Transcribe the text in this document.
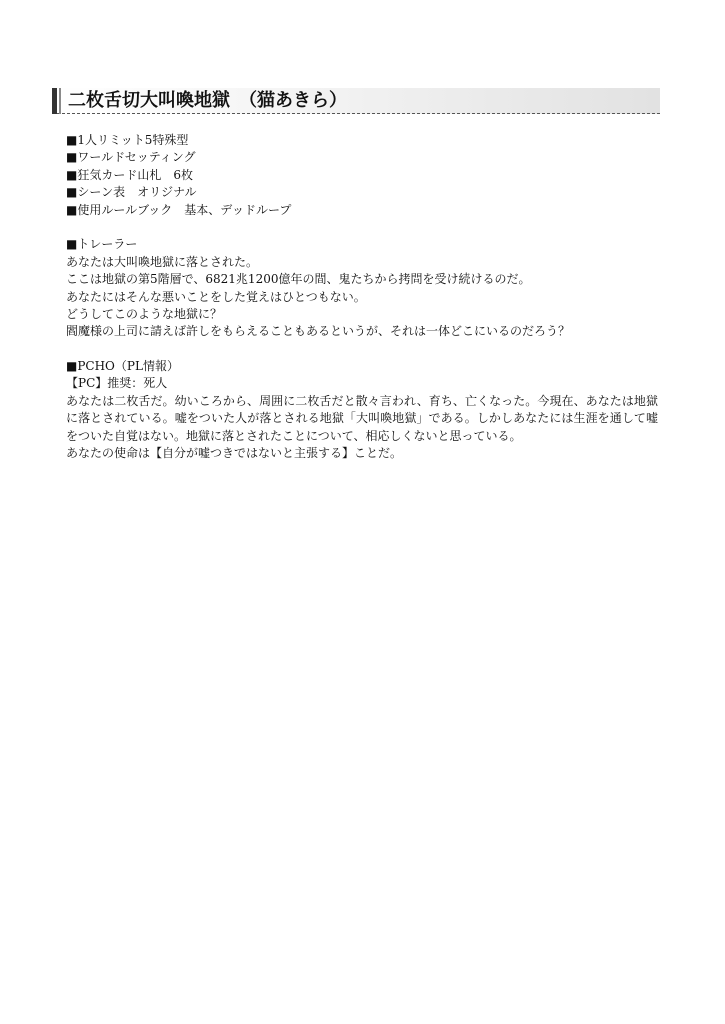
二枚舌切大叫喚地獄　（猫あきら）
■1人リミット5特殊型
■ワールドセッティング
■狂気カード山札　6枚
■シーン表　オリジナル
■使用ルールブック　基本、デッドループ
■トレーラー
あなたは大叫喚地獄に落とされた。
ここは地獄の第5階層で、6821兆1200億年の間、鬼たちから拷問を受け続けるのだ。
あなたにはそんな悪いことをした覚えはひとつもない。
どうしてこのような地獄に？
閻魔様の上司に請えば許しをもらえることもあるというが、それは一体どこにいるのだろう？
■PCHO（PL情報）
【PC】推奨：死人
あなたは二枚舌だ。幼いころから、周囲に二枚舌だと散々言われ、育ち、亡くなった。今現在、あなたは地獄に落とされている。嘘をついた人が落とされる地獄「大叫喚地獄」である。しかしあなたには生涯を通して嘘をついた自覚はない。地獄に落とされたことについて、相応しくないと思っている。
あなたの使命は【自分が嘘つきではないと主張する】ことだ。
